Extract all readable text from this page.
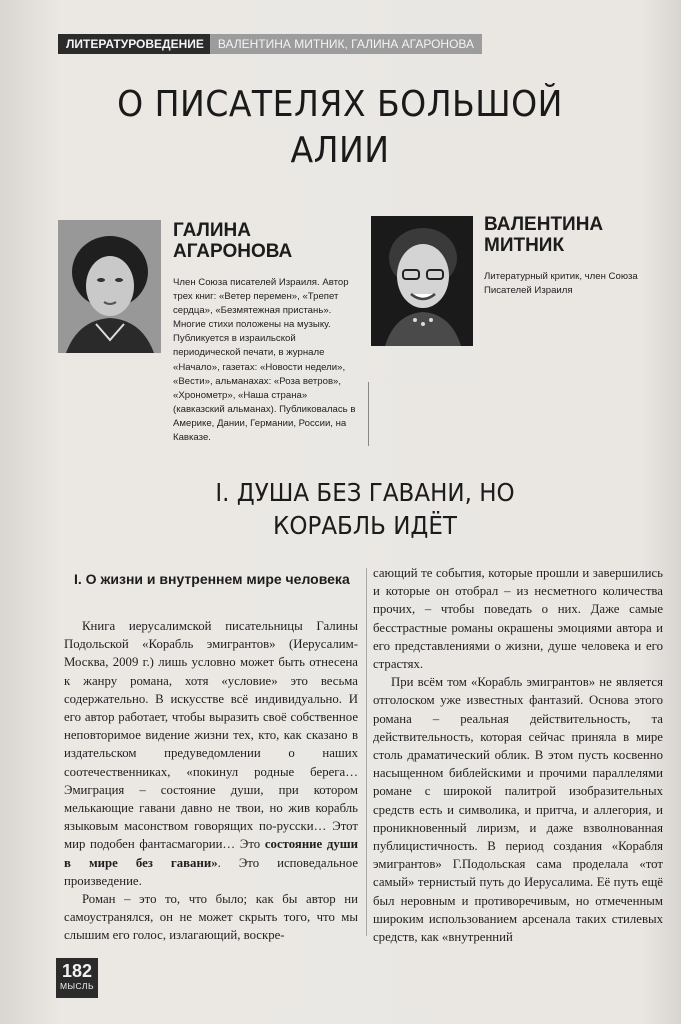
ЛИТЕРАТУРОВЕДЕНИЕ	ВАЛЕНТИНА МИТНИК, ГАЛИНА АГАРОНОВА
О ПИСАТЕЛЯХ БОЛЬШОЙ АЛИИ
ГАЛИНА АГАРОНОВА

Член Союза писателей Израиля. Автор трех книг: «Ветер перемен», «Трепет сердца», «Безмятежная пристань». Многие стихи положены на музыку. Публикуется в израильской периодической печати, в журнале «Начало», газетах: «Новости недели», «Вести», альманахах: «Роза ветров», «Хронометр», «Наша страна» (кавказский альманах). Публиковалась в Америке, Дании, Германии, России, на Кавказе.

ВАЛЕНТИНА МИТНИК

Литературный критик, член Союза Писателей Израиля

I. ДУША БЕЗ ГАВАНИ, НО КОРАБЛЬ ИДЁТ
I. О жизни и внутреннем мире человека

Книга иерусалимской писательницы Галины Подольской «Корабль эмигрантов» (Иерусалим-Москва, 2009 г.) лишь условно может быть отнесена к жанру романа, хотя «условие» это весьма содержательно. В искусстве всё индивидуально. И его автор работает, чтобы выразить своё собственное неповторимое видение жизни тех, кто, как сказано в издательском предуведомлении о наших соотечественниках, «покинул родные берега… Эмиграция – состояние души, при котором мелькающие гавани давно не твои, но жив корабль языковым масонством говорящих по-русски… Этот мир подобен фантасмагории… Это состояние души в мире без гавани». Это исповедальное произведение.

Роман – это то, что было; как бы автор ни самоустранялся, он не может скрыть того, что мы слышим его голос, излагающий, воскре-

сающий те события, которые прошли и завершились и которые он отобрал – из несметного количества прочих, – чтобы поведать о них. Даже самые бесстрастные романы окрашены эмоциями автора и его представлениями о жизни, душе человека и его страстях.

При всём том «Корабль эмигрантов» не является отголоском уже известных фантазий. Основа этого романа – реальная действительность, та действительность, которая сейчас приняла в мире столь драматический облик. В этом пусть косвенно насыщенном библейскими и прочими параллелями романе с широкой палитрой изобразительных средств есть и символика, и притча, и аллегория, и проникновенный лиризм, и даже взволнованная публицистичность. В период создания «Корабля эмигрантов» Г.Подольская сама проделала «тот самый» тернистый путь до Иерусалима. Её путь ещё был неровным и противоречивым, но отмеченным широким использованием арсенала таких стилевых средств, как «внутренний

182
МЫСЛЬ
